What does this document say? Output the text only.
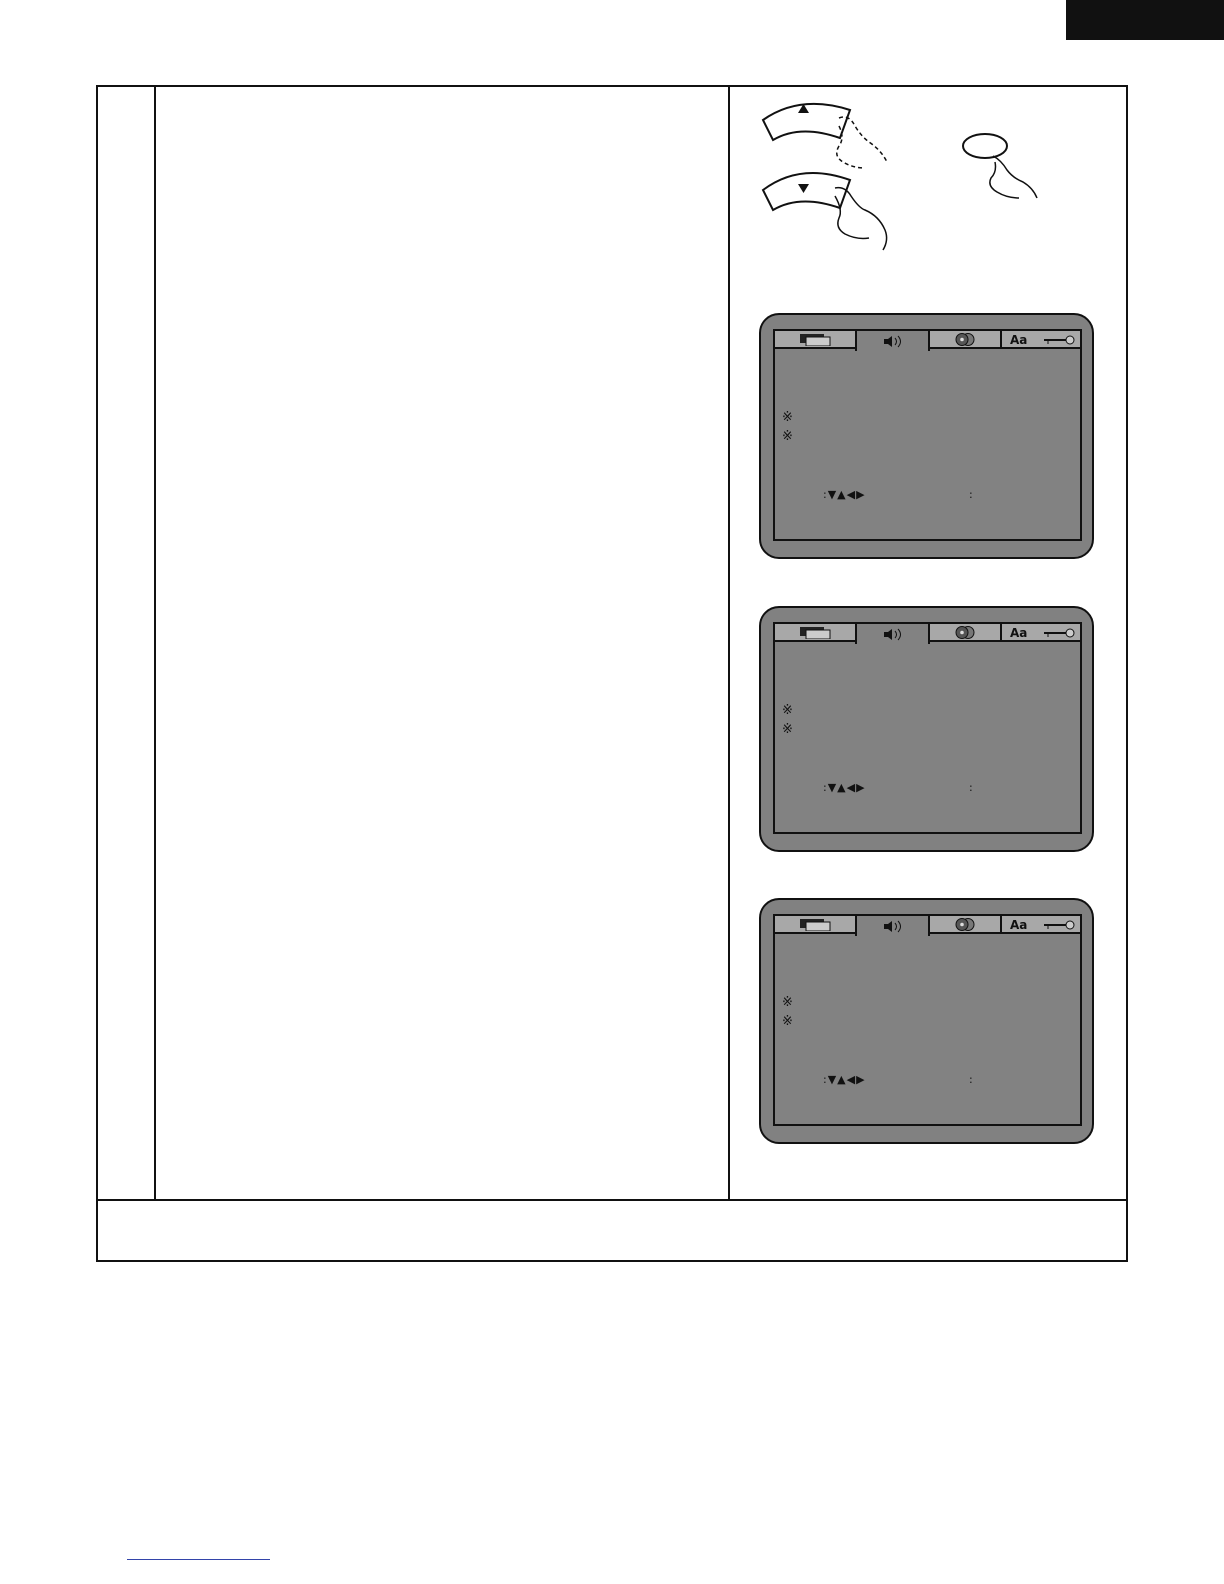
Aa
※
※
:▼▲◀▶	:
Aa
※
※
:▼▲◀▶	:
Aa
※
※
:▼▲◀▶	:
